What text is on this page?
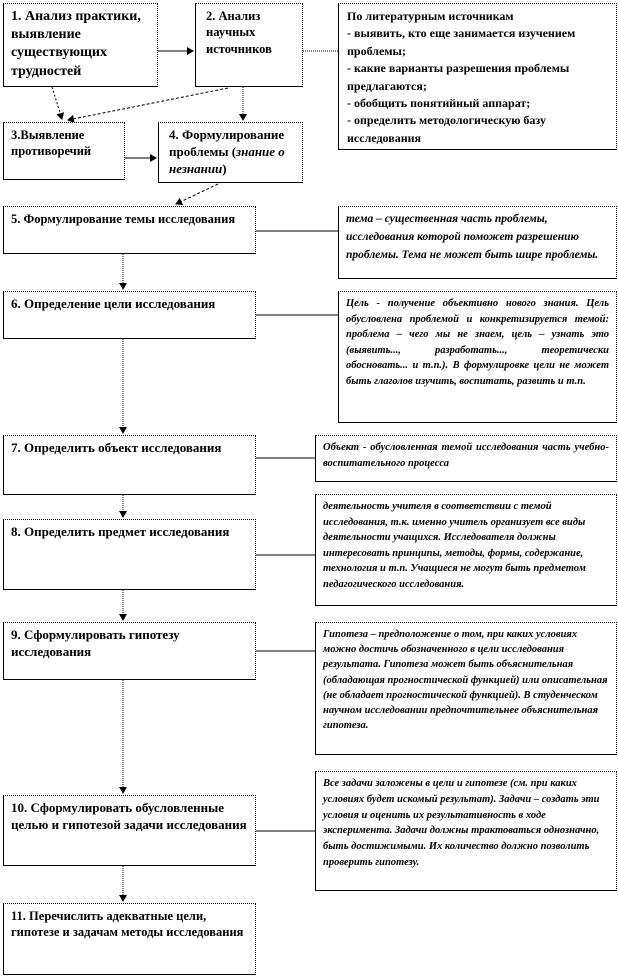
1. Анализ практики, выявление существующих трудностей
2. Анализ научных источников
3.Выявление противоречий
4. Формулирование проблемы (знание о незнании)
5. Формулирование темы исследования
6. Определение цели исследования
7. Определить объект исследования
8. Определить предмет исследования
9. Сформулировать гипотезу исследования
10. Сформулировать обусловленные целью и гипотезой задачи исследования
11. Перечислить адекватные цели, гипотезе и задачам методы исследования
По литературным источникам
- выявить, кто еще занимается изучением проблемы;
- какие варианты разрешения проблемы предлагаются;
- обобщить понятийный аппарат;
- определить методологическую базу исследования
тема – существенная часть проблемы, исследования которой поможет разрешению проблемы. Тема не может быть шире проблемы.
Цель - получение объективно нового знания. Цель обусловлена проблемой и конкретизируется темой: проблема – чего мы не знаем, цель – узнать это (выявить..., разработать..., теоретически обосновать... и т.п.). В формулировке цели не может быть глаголов изучить, воспитать, развить и т.п.
Объект - обусловленная темой исследования часть учебно-воспитательного процесса
деятельность учителя в соответствии с темой исследования, т.к. именно учитель организует все виды деятельности учащихся. Исследователя должны интересовать принципы, методы, формы, содержание, технология и т.п. Учащиеся не могут быть предметом педагогического исследования.
Гипотеза – предположение о том, при каких условиях можно достичь обозначенного в цели исследования результата. Гипотеза может быть объяснительная (обладающая прогностической функцией) или описательная (не обладает прогностической функцией). В студенческом научном исследовании предпочтительнее объяснительная гипотеза.
Все задачи заложены в цели и гипотезе (см. при каких условиях будет искомый результат). Задачи – создать эти условия и оценить их результативность в ходе эксперимента. Задачи должны трактоваться однозначно, быть достижимыми. Их количество должно позволить проверить гипотезу.
